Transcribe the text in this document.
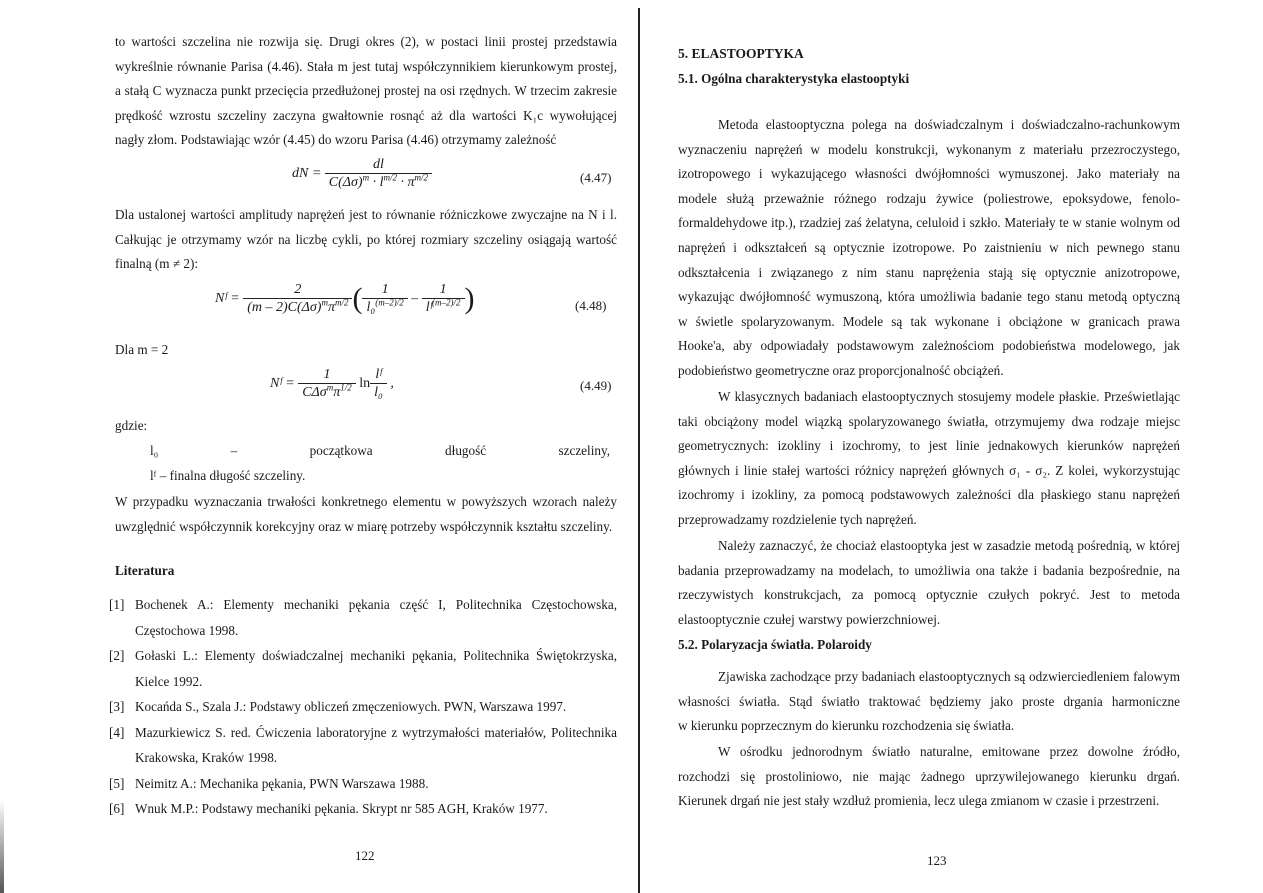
to wartości szczelina nie rozwija się. Drugi okres (2), w postaci linii prostej przedstawia
wykreślnie równanie Parisa (4.46). Stała m jest tutaj współczynnikiem kierunkowym prostej,
a stałą C wyznacza punkt przecięcia przedłużonej prostej na osi rzędnych. W trzecim zakresie
prędkość wzrostu szczeliny zaczyna gwałtownie rosnąć aż dla wartości K₁c wywołującej
nagły złom. Podstawiając wzór (4.45) do wzoru Parisa (4.46) otrzymamy zależność
dN = $\frac{dl}{C(\Delta\sigma)^m \cdot l^{m/2} \cdot \pi^{m/2}}$	(4.47)
Dla ustalonej wartości amplitudy naprężeń jest to równanie różniczkowe zwyczajne na N i l.
Całkując je otrzymamy wzór na liczbę cykli, po której rozmiary szczeliny osiągają wartość
finalną (m ≠ 2):
Nᶠ = $\frac{2}{(m - 2)C(\Delta\sigma)^m\pi^{m/2}}$ ( $\frac{1}{l_0^{(m-2)/2}} - \frac{1}{lᶠ^{(m-2)/2}}$ )	(4.48)
Dla m = 2
Nᶠ = $\frac{1}{C\Delta\sigma^m\pi^{1/2}}$ $\ln \frac{\text{lᶠ}}{\text{l₀}}$ ,	(4.49)
gdzie:
l₀ – początkowa długość szczeliny,
lᶠ – finalna długość szczeliny.
W przypadku wyznaczania trwałości konkretnego elementu w powyższych wzorach należy
uwzględnić współczynnik korekcyjny oraz w miarę potrzeby współczynnik kształtu szczeliny.
Literatura
[1] Bochenek A.: Elementy mechaniki pękania część I, Politechnika Częstochowska,
Częstochowa 1998.
[2] Gołaski L.: Elementy doświadczalnej mechaniki pękania, Politechnika Świętokrzyska,
Kielce 1992.
[3] Kocańda S., Szala J.: Podstawy obliczeń zmęczeniowych. PWN, Warszawa 1997.
[4] Mazurkiewicz S. red. Ćwiczenia laboratoryjne z wytrzymałości materiałów, Politechnika
Krakowska, Kraków 1998.
[5] Neimitz A.: Mechanika pękania, PWN Warszawa 1988.
[6] Wnuk M.P.: Podstawy mechaniki pękania. Skrypt nr 585 AGH, Kraków 1977.
122
5. ELASTOOPTYKA
5.1. Ogólna charakterystyka elastooptyki
Metoda elastooptyczna polega na doświadczalnym i doświadczalno-rachunkowym
wyznaczeniu naprężeń w modelu konstrukcji, wykonanym z materiału przezroczystego,
izotropowego i wykazującego własności dwójłomności wymuszonej. Jako materiały na
modele służą przeważnie różnego rodzaju żywice (poliestrowe, epoksydowe, fenolo-
formaldehydowe itp.), rzadziej zaś żelatyna, celuloid i szkło. Materiały te w stanie wolnym od
naprężeń i odkształceń są optycznie izotropowe. Po zaistnieniu w nich pewnego stanu
odkształcenia i związanego z nim stanu naprężenia stają się optycznie anizotropowe,
wykazując dwójłomność wymuszoną, która umożliwia badanie tego stanu metodą optyczną
w świetle spolaryzowanym. Modele są tak wykonane i obciążone w granicach prawa
Hooke'a, aby odpowiadały podstawowym zależnościom podobieństwa modelowego, jak
podobieństwo geometryczne oraz proporcjonalność obciążeń.
W klasycznych badaniach elastooptycznych stosujemy modele płaskie. Prześwietlając
taki obciążony model wiązką spolaryzowanego światła, otrzymujemy dwa rodzaje miejsc
geometrycznych: izokliny i izochromy, to jest linie jednakowych kierunków naprężeń
głównych i linie stałej wartości różnicy naprężeń głównych σ₁ - σ₂. Z kolei, wykorzystując
izochromy i izokliny, za pomocą podstawowych zależności dla płaskiego stanu naprężeń
przeprowadzamy rozdzielenie tych naprężeń.
Należy zaznaczyć, że chociaż elastooptyka jest w zasadzie metodą pośrednią, w której
badania przeprowadzamy na modelach, to umożliwia ona także i badania bezpośrednie, na
rzeczywistych konstrukcjach, za pomocą optycznie czułych pokryć. Jest to metoda
elastooptycznie czułej warstwy powierzchniowej.
5.2. Polaryzacja światła. Polaroidy
Zjawiska zachodzące przy badaniach elastooptycznych są odzwierciedleniem falowym
własności światła. Stąd światło traktować będziemy jako proste drgania harmoniczne
w kierunku poprzecznym do kierunku rozchodzenia się światła.
W ośrodku jednorodnym światło naturalne, emitowane przez dowolne źródło,
rozchodzi się prostoliniowo, nie mając żadnego uprzywilejowanego kierunku drgań.
Kierunek drgań nie jest stały wzdłuż promienia, lecz ulega zmianom w czasie i przestrzeni.
123
